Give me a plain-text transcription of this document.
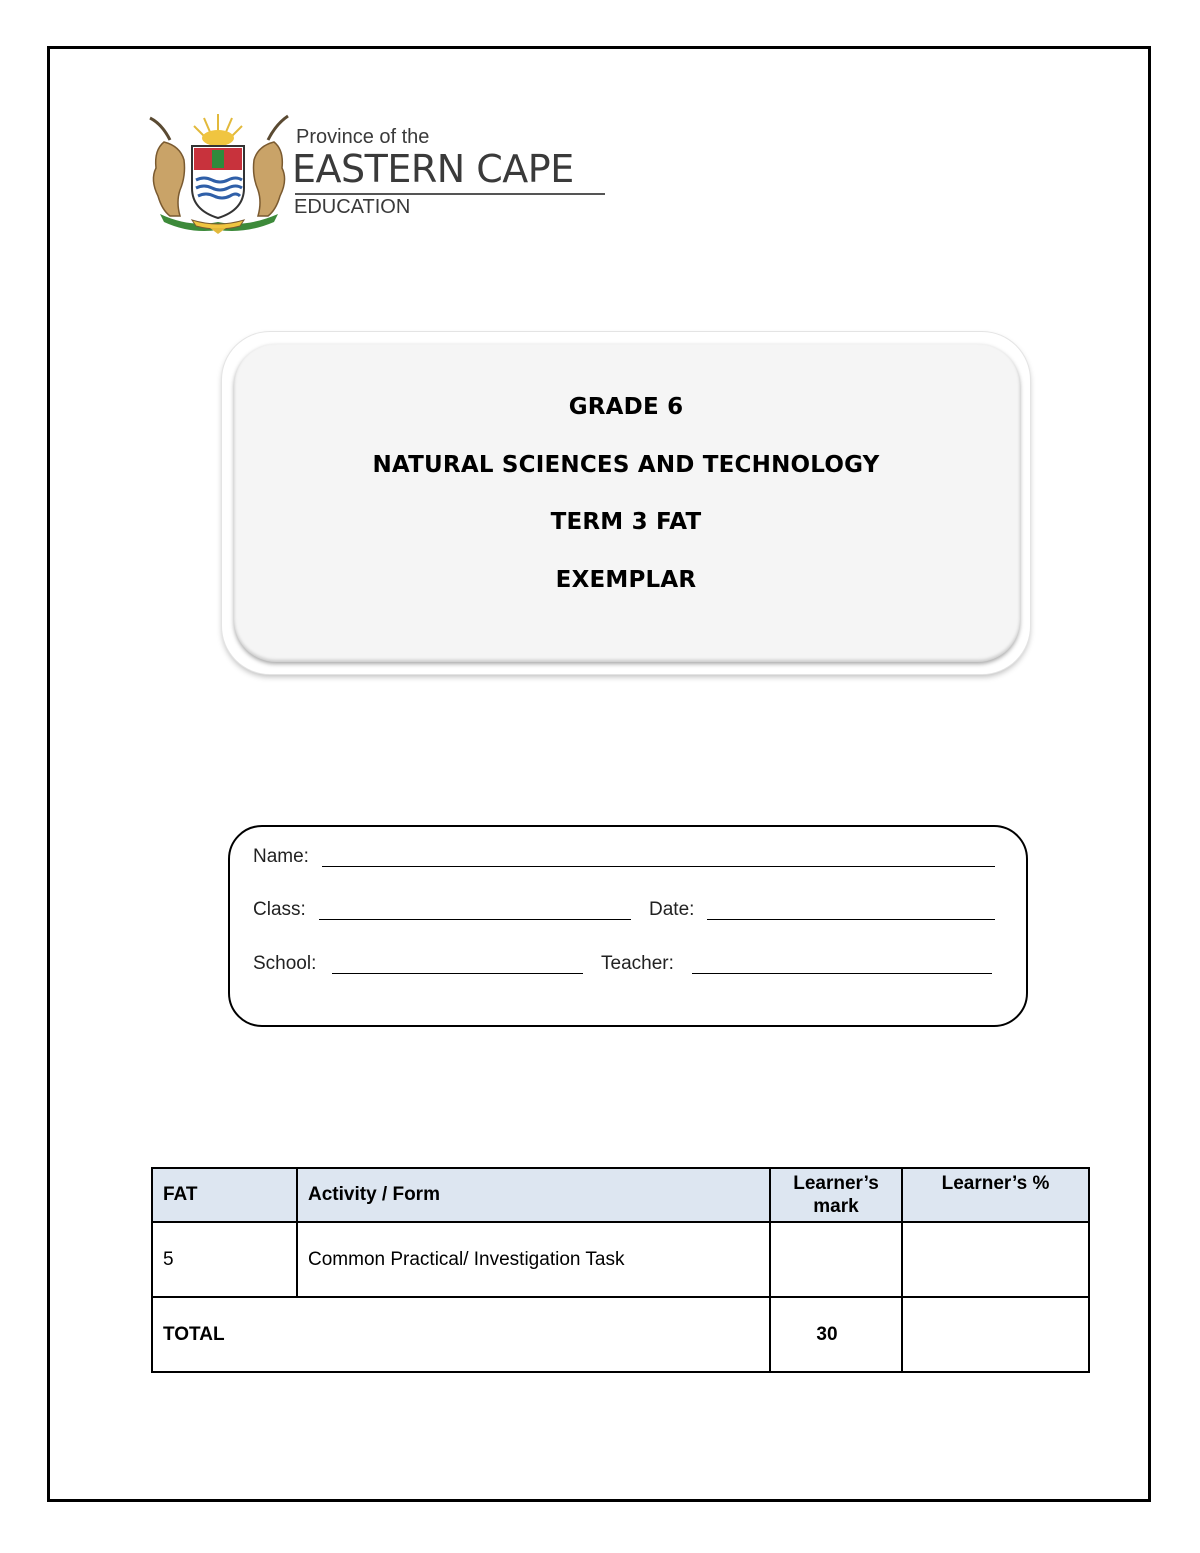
Province of the
EASTERN CAPE
EDUCATION
GRADE 6
NATURAL SCIENCES AND TECHNOLOGY
TERM 3 FAT
EXEMPLAR
Name:
Class:	Date:
School:	Teacher:
FAT	Activity / Form	Learner’s mark	Learner’s %
5	Common Practical/ Investigation Task		
TOTAL		30	
